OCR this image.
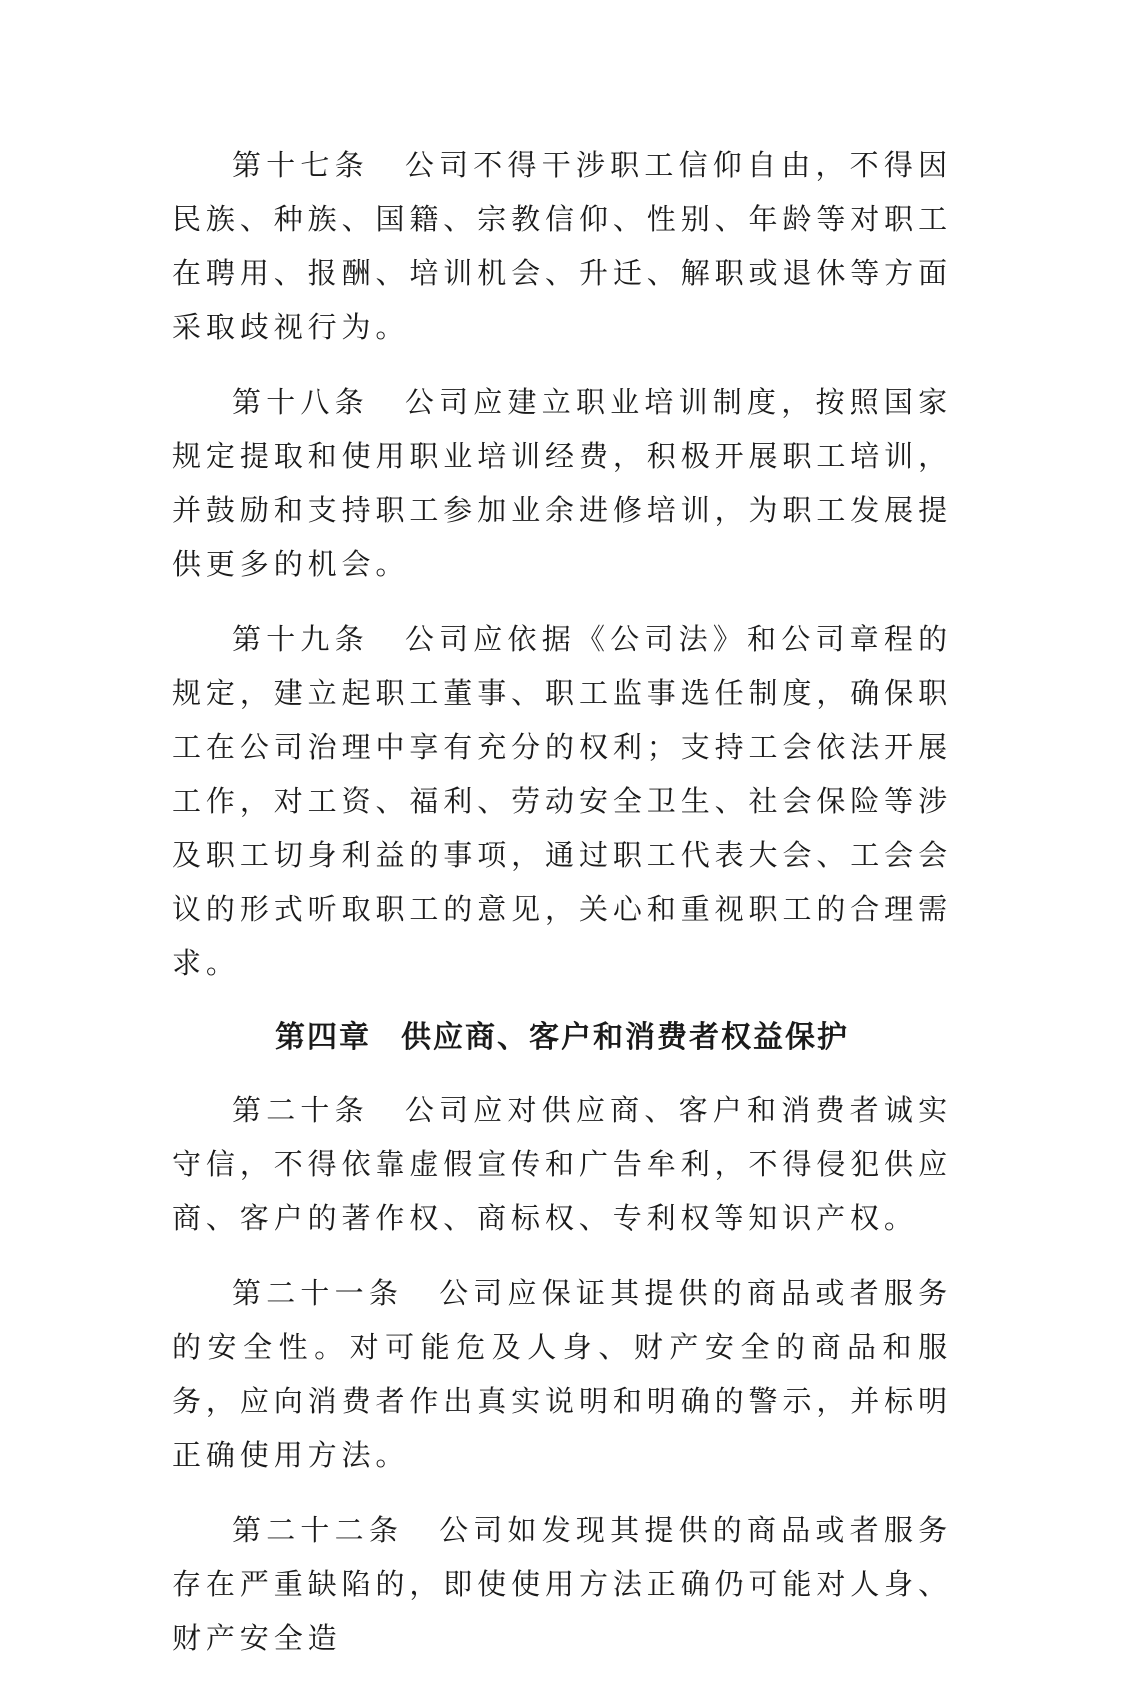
第十七条 公司不得干涉职工信仰自由，不得因民族、种族、国籍、宗教信仰、性别、年龄等对职工在聘用、报酬、培训机会、升迁、解职或退休等方面采取歧视行为。

第十八条 公司应建立职业培训制度，按照国家规定提取和使用职业培训经费，积极开展职工培训，并鼓励和支持职工参加业余进修培训，为职工发展提供更多的机会。

第十九条 公司应依据《公司法》和公司章程的规定，建立起职工董事、职工监事选任制度，确保职工在公司治理中享有充分的权利；支持工会依法开展工作，对工资、福利、劳动安全卫生、社会保险等涉及职工切身利益的事项，通过职工代表大会、工会会议的形式听取职工的意见，关心和重视职工的合理需求。

第四章 供应商、客户和消费者权益保护

第二十条 公司应对供应商、客户和消费者诚实守信，不得依靠虚假宣传和广告牟利，不得侵犯供应商、客户的著作权、商标权、专利权等知识产权。

第二十一条 公司应保证其提供的商品或者服务的安全性。对可能危及人身、财产安全的商品和服务，应向消费者作出真实说明和明确的警示，并标明正确使用方法。

第二十二条 公司如发现其提供的商品或者服务存在严重缺陷的，即使使用方法正确仍可能对人身、财产安全造
